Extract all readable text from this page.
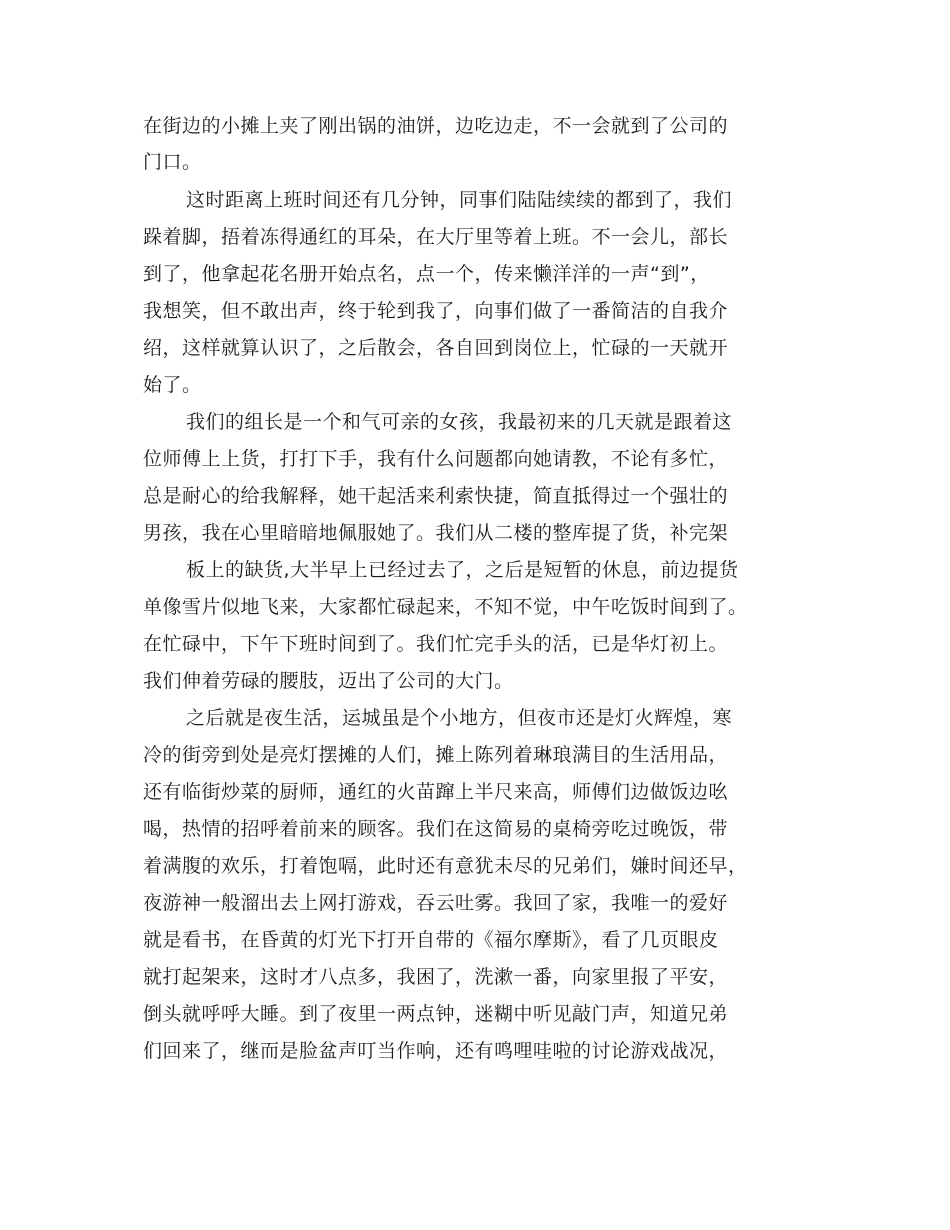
在街边的小摊上夹了刚出锅的油饼，边吃边走，不一会就到了公司的
门口。
这时距离上班时间还有几分钟，同事们陆陆续续的都到了，我们
跺着脚，捂着冻得通红的耳朵，在大厅里等着上班。不一会儿，部长
到了，他拿起花名册开始点名，点一个，传来懒洋洋的一声“到”，
我想笑，但不敢出声，终于轮到我了，向事们做了一番简洁的自我介
绍，这样就算认识了，之后散会，各自回到岗位上，忙碌的一天就开
始了。
我们的组长是一个和气可亲的女孩，我最初来的几天就是跟着这
位师傅上上货，打打下手，我有什么问题都向她请教，不论有多忙，
总是耐心的给我解释，她干起活来利索快捷，简直抵得过一个强壮的
男孩，我在心里暗暗地佩服她了。我们从二楼的整库提了货，补完架
板上的缺货,大半早上已经过去了，之后是短暂的休息，前边提货
单像雪片似地飞来，大家都忙碌起来，不知不觉，中午吃饭时间到了。
在忙碌中，下午下班时间到了。我们忙完手头的活，已是华灯初上。
我们伸着劳碌的腰肢，迈出了公司的大门。
之后就是夜生活，运城虽是个小地方，但夜市还是灯火辉煌，寒
冷的街旁到处是亮灯摆摊的人们，摊上陈列着琳琅满目的生活用品，
还有临街炒菜的厨师，通红的火苗蹿上半尺来高，师傅们边做饭边吆
喝，热情的招呼着前来的顾客。我们在这简易的桌椅旁吃过晚饭，带
着满腹的欢乐，打着饱嗝，此时还有意犹未尽的兄弟们，嫌时间还早，
夜游神一般溜出去上网打游戏，吞云吐雾。我回了家，我唯一的爱好
就是看书，在昏黄的灯光下打开自带的《福尔摩斯》，看了几页眼皮
就打起架来，这时才八点多，我困了，洗漱一番，向家里报了平安，
倒头就呼呼大睡。到了夜里一两点钟，迷糊中听见敲门声，知道兄弟
们回来了，继而是脸盆声叮当作响，还有鸣哩哇啦的讨论游戏战况，
